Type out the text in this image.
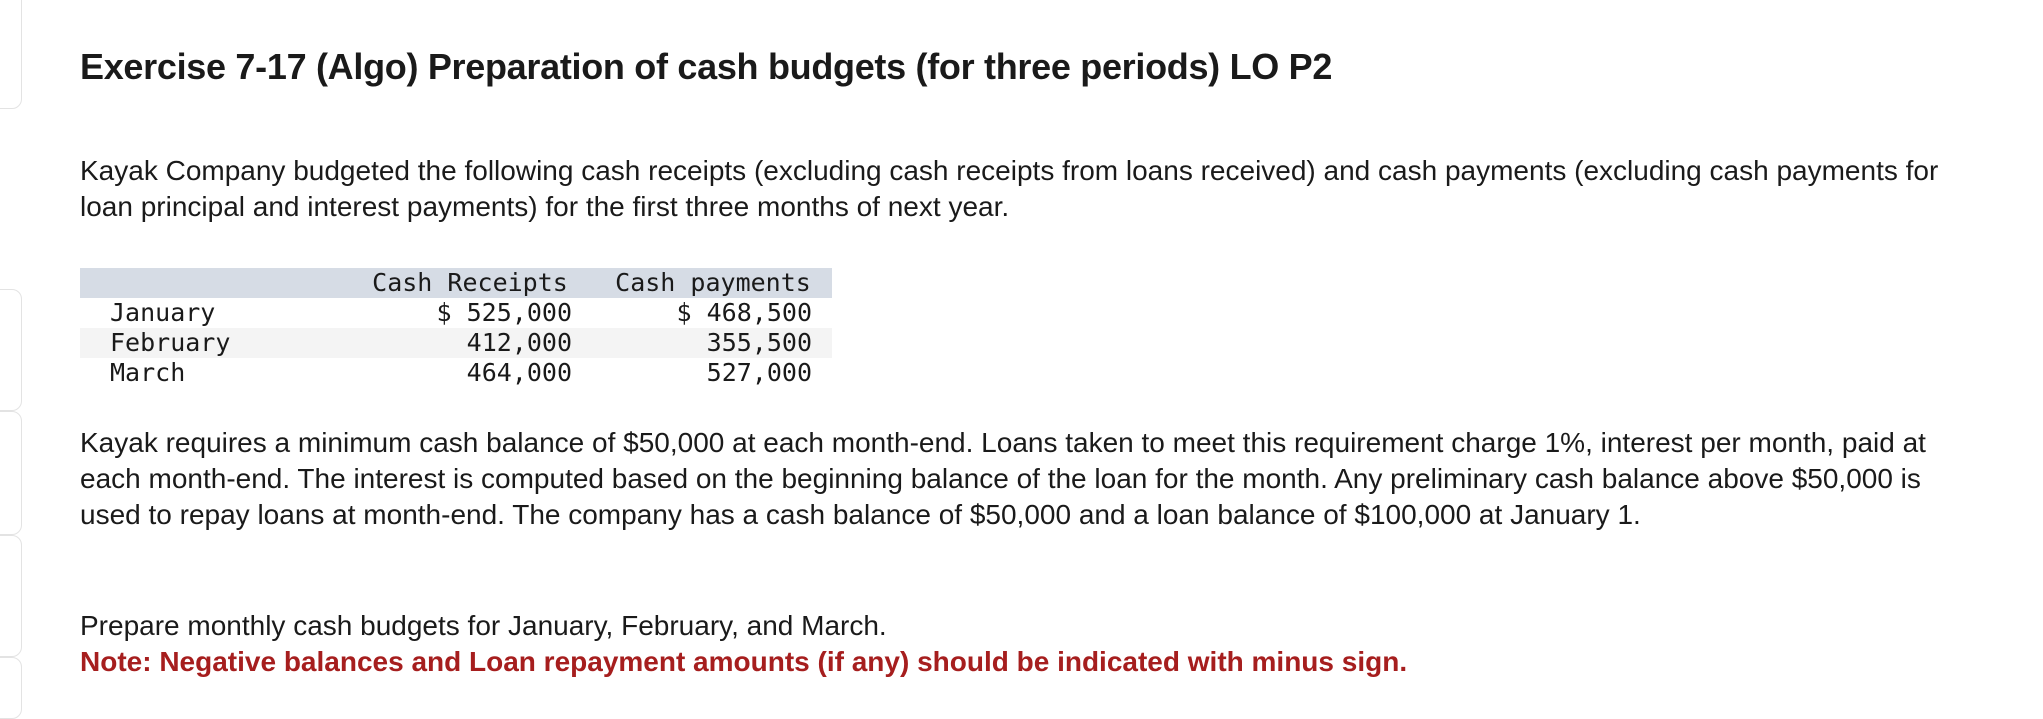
Exercise 7-17 (Algo) Preparation of cash budgets (for three periods) LO P2

Kayak Company budgeted the following cash receipts (excluding cash receipts from loans received) and cash payments (excluding cash payments for loan principal and interest payments) for the first three months of next year.

	Cash Receipts	Cash payments
January	$ 525,000	$ 468,500
February	412,000	355,500
March	464,000	527,000

Kayak requires a minimum cash balance of $50,000 at each month-end. Loans taken to meet this requirement charge 1%, interest per month, paid at each month-end. The interest is computed based on the beginning balance of the loan for the month. Any preliminary cash balance above $50,000 is used to repay loans at month-end. The company has a cash balance of $50,000 and a loan balance of $100,000 at January 1.

Prepare monthly cash budgets for January, February, and March.

Note: Negative balances and Loan repayment amounts (if any) should be indicated with minus sign.
